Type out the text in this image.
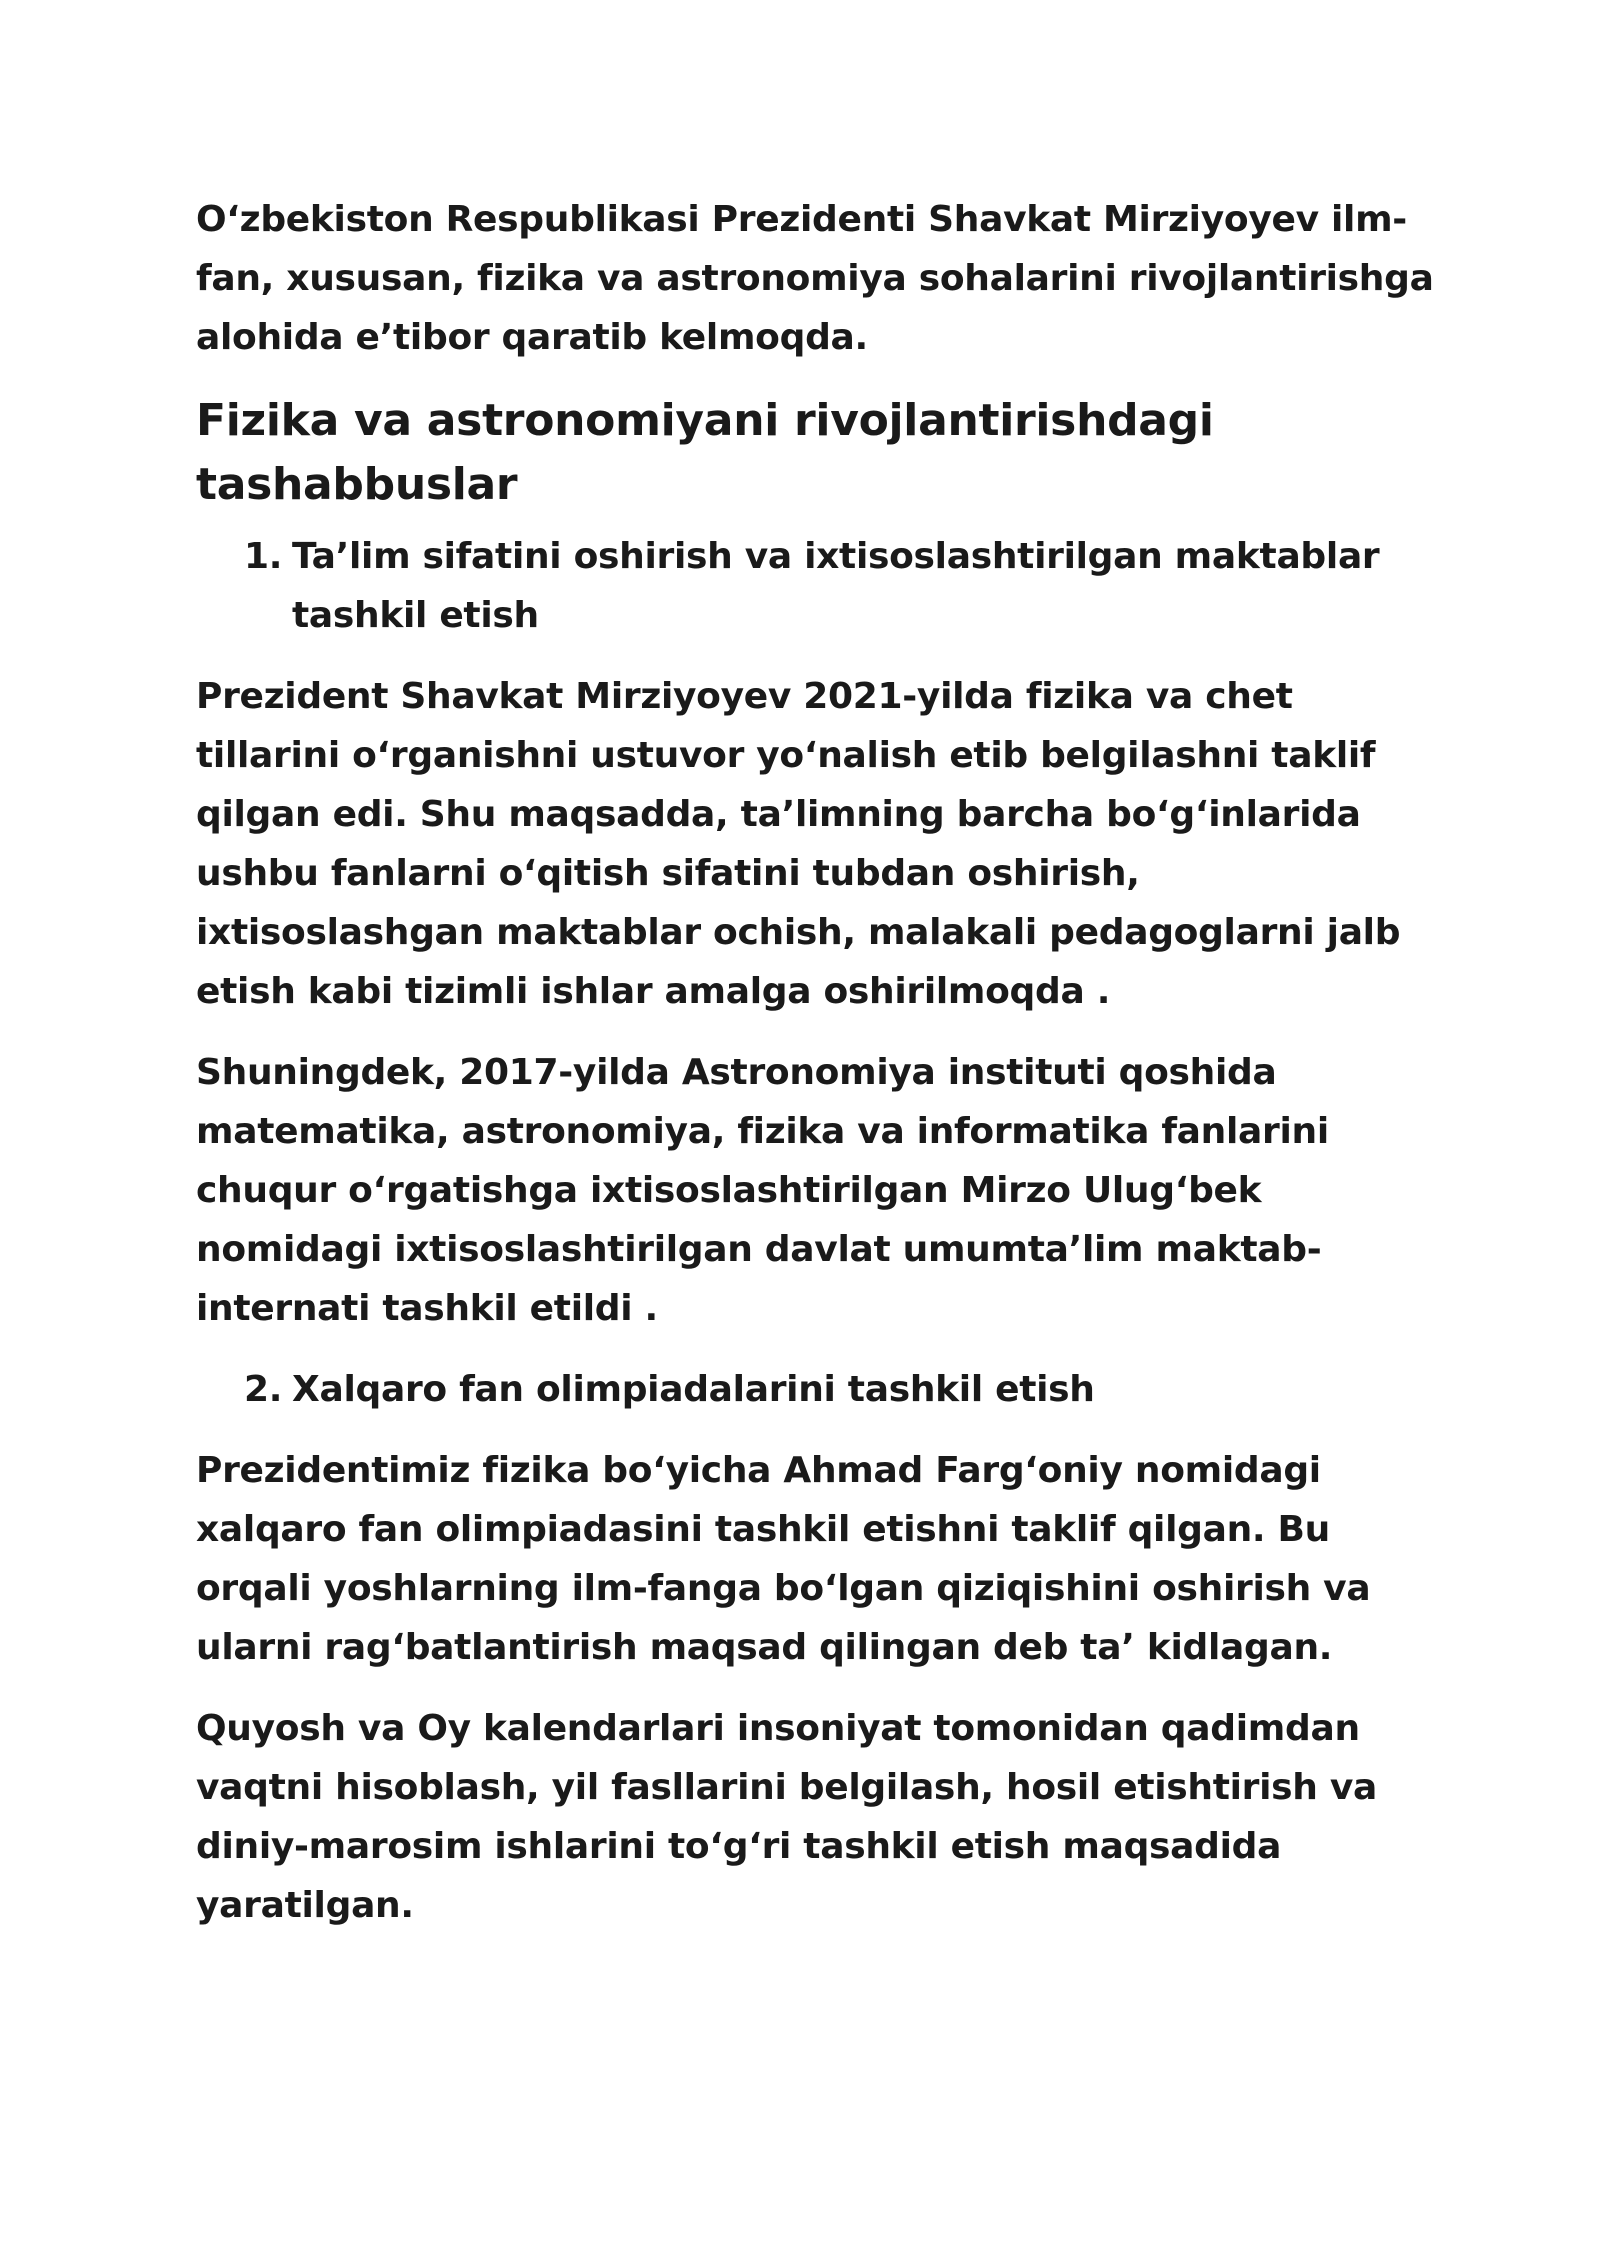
O‘zbekiston Respublikasi Prezidenti Shavkat Mirziyoyev ilm-fan, xususan, fizika va astronomiya sohalarini rivojlantirishga alohida e’tibor qaratib kelmoqda.

Fizika va astronomiyani rivojlantirishdagi tashabbuslar
1. Ta’lim sifatini oshirish va ixtisoslashtirilgan maktablar tashkil etish

Prezident Shavkat Mirziyoyev 2021-yilda fizika va chet tillarini o‘rganishni ustuvor yo‘nalish etib belgilashni taklif qilgan edi. Shu maqsadda, ta’limning barcha bo‘g‘inlarida ushbu fanlarni o‘qitish sifatini tubdan oshirish, ixtisoslashgan maktablar ochish, malakali pedagoglarni jalb etish kabi tizimli ishlar amalga oshirilmoqda .

Shuningdek, 2017-yilda Astronomiya instituti qoshida matematika, astronomiya, fizika va informatika fanlarini chuqur o‘rgatishga ixtisoslashtirilgan Mirzo Ulug‘bek nomidagi ixtisoslashtirilgan davlat umumta’lim maktab-internati tashkil etildi .

2. Xalqaro fan olimpiadalarini tashkil etish

Prezidentimiz fizika bo‘yicha Ahmad Farg‘oniy nomidagi xalqaro fan olimpiadasini tashkil etishni taklif qilgan. Bu orqali yoshlarning ilm-fanga bo‘lgan qiziqishini oshirish va ularni rag‘batlantirish maqsad qilingan deb ta’ kidlagan.

Quyosh va Oy kalendarlari insoniyat tomonidan qadimdan vaqtni hisoblash, yil fasllarini belgilash, hosil etishtirish va diniy-marosim ishlarini to‘g‘ri tashkil etish maqsadida yaratilgan.
